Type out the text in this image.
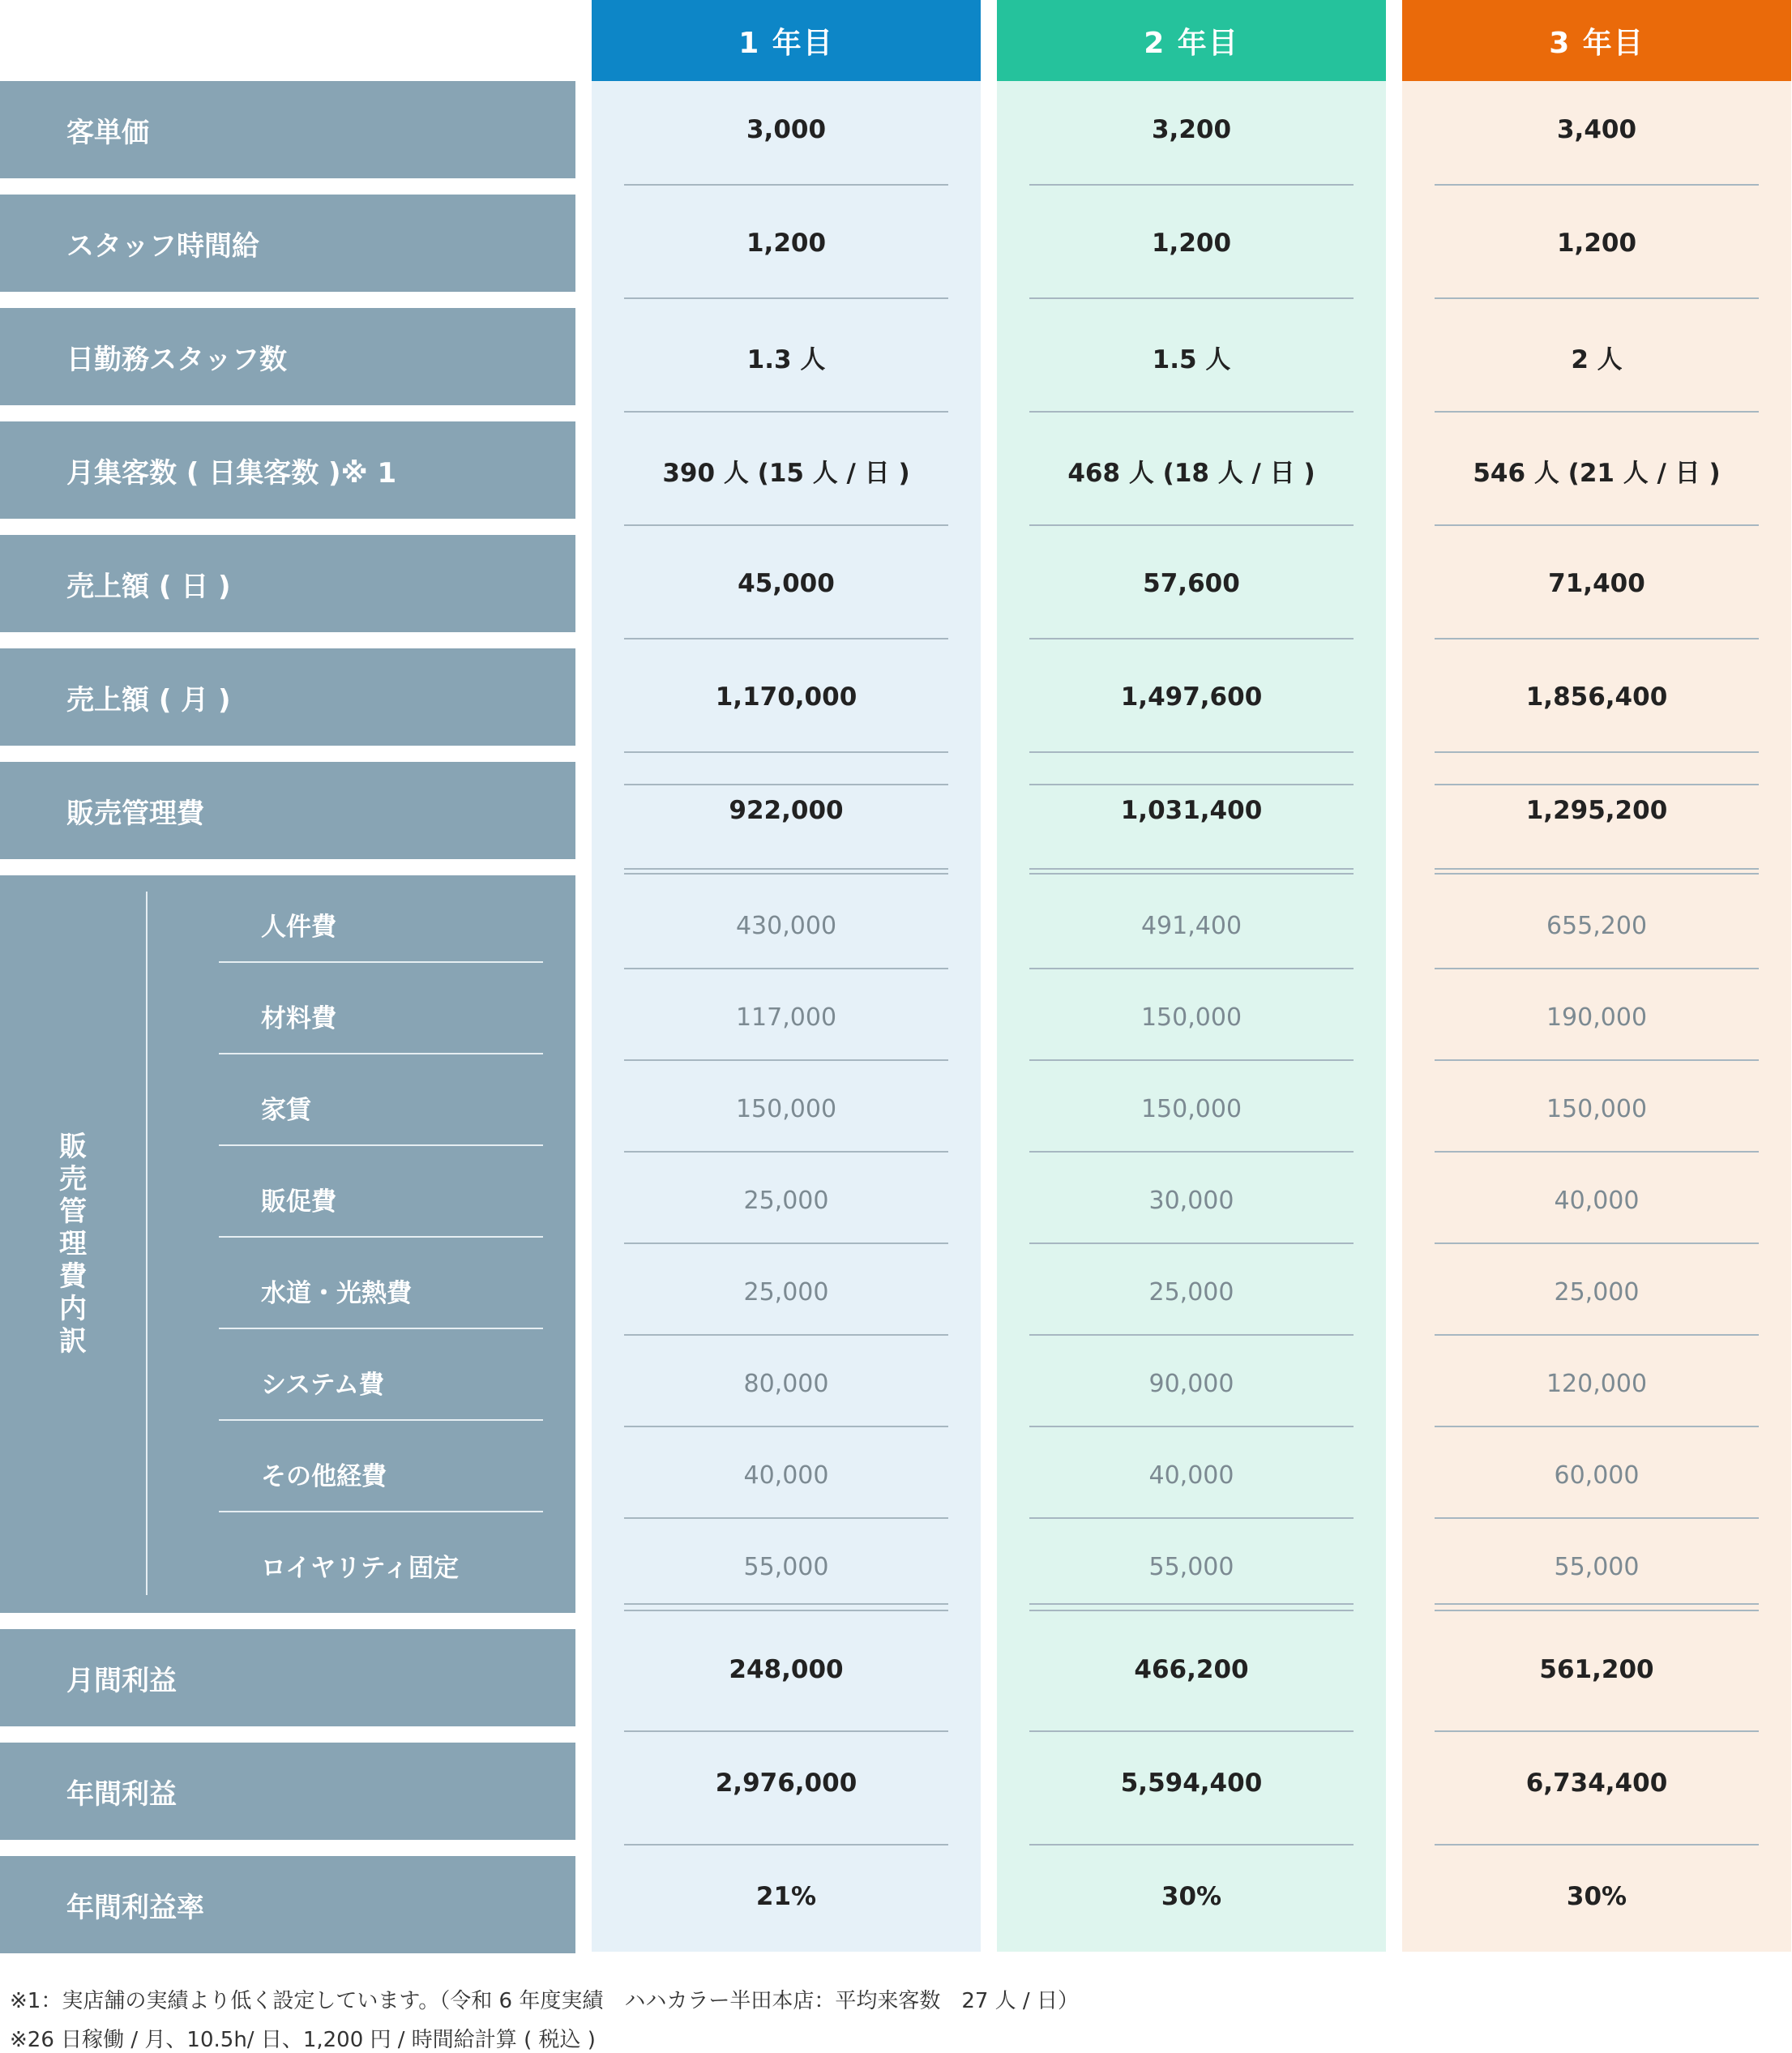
1 年目	2 年目	3 年目
客単価	3,000	3,200	3,400
スタッフ時間給	1,200	1,200	1,200
日勤務スタッフ数	1.3 人	1.5 人	2 人
月集客数 ( 日集客数 )※ 1	390 人 (15 人 / 日 )	468 人 (18 人 / 日 )	546 人 (21 人 / 日 )
売上額 ( 日 )	45,000	57,600	71,400
売上額 ( 月 )	1,170,000	1,497,600	1,856,400
販売管理費	922,000	1,031,400	1,295,200
販
売
管
理
費
内
訳
人件費	430,000	491,400	655,200
材料費	117,000	150,000	190,000
家賃	150,000	150,000	150,000
販促費	25,000	30,000	40,000
水道・光熱費	25,000	25,000	25,000
システム費	80,000	90,000	120,000
その他経費	40,000	40,000	60,000
ロイヤリティ固定	55,000	55,000	55,000
月間利益	248,000	466,200	561,200
年間利益	2,976,000	5,594,400	6,734,400
年間利益率	21%	30%	30%
※1：実店舗の実績より低く設定しています。（令和 6 年度実績　ハハカラー半田本店：平均来客数　27 人 / 日）
※26 日稼働 / 月、10.5h/ 日、1,200 円 / 時間給計算 ( 税込 )
